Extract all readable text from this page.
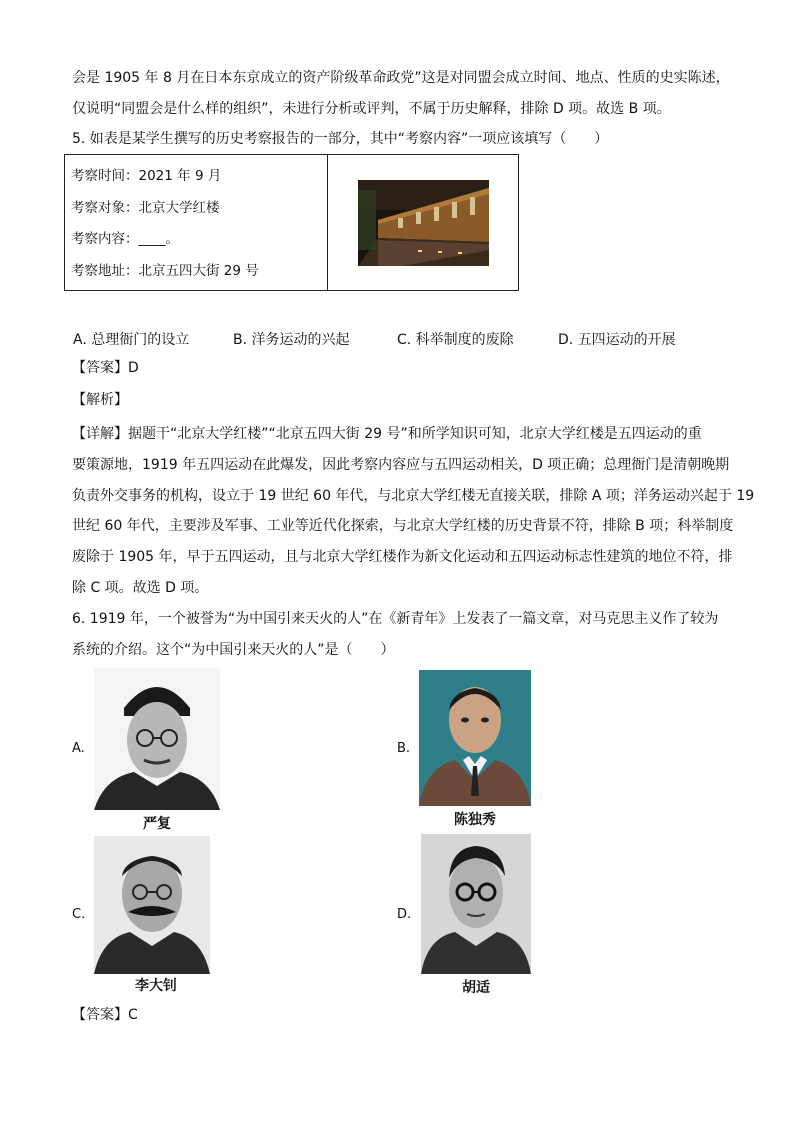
会是 1905 年 8 月在日本东京成立的资产阶级革命政党”这是对同盟会成立时间、地点、性质的史实陈述，
仅说明“同盟会是什么样的组织”，未进行分析或评判，不属于历史解释，排除 D 项。故选 B 项。
5. 如表是某学生撰写的历史考察报告的一部分，其中“考察内容”一项应该填写（　　）
考察时间：2021 年 9 月
考察对象：北京大学红楼
考察内容：____。
考察地址：北京五四大街 29 号

A. 总理衙门的设立	B. 洋务运动的兴起	C. 科举制度的废除	D. 五四运动的开展
【答案】D
【解析】
【详解】据题干“北京大学红楼”“北京五四大街 29 号”和所学知识可知，北京大学红楼是五四运动的重
要策源地，1919 年五四运动在此爆发，因此考察内容应与五四运动相关，D 项正确；总理衙门是清朝晚期
负责外交事务的机构，设立于 19 世纪 60 年代，与北京大学红楼无直接关联，排除 A 项；洋务运动兴起于 19
世纪 60 年代，主要涉及军事、工业等近代化探索，与北京大学红楼的历史背景不符，排除 B 项；科举制度
废除于 1905 年，早于五四运动，且与北京大学红楼作为新文化运动和五四运动标志性建筑的地位不符，排
除 C 项。故选 D 项。
6. 1919 年，一个被誉为“为中国引来天火的人”在《新青年》上发表了一篇文章，对马克思主义作了较为
系统的介绍。这个“为中国引来天火的人”是（　　）
A.
严复
B.
陈独秀
C.
李大钊
D.
胡适
【答案】C
